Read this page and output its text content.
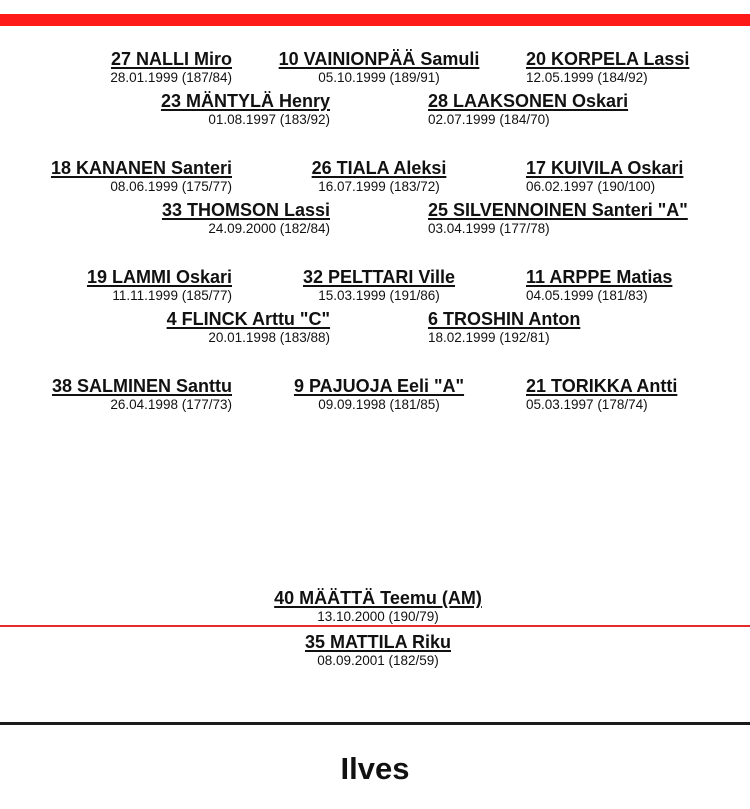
27 NALLI Miro
28.01.1999 (187/84)
10 VAINIONPÄÄ Samuli
05.10.1999 (189/91)
20 KORPELA Lassi
12.05.1999 (184/92)
23 MÄNTYLÄ Henry
01.08.1997 (183/92)
28 LAAKSONEN Oskari
02.07.1999 (184/70)
18 KANANEN Santeri
08.06.1999 (175/77)
26 TIALA Aleksi
16.07.1999 (183/72)
17 KUIVILA Oskari
06.02.1997 (190/100)
33 THOMSON Lassi
24.09.2000 (182/84)
25 SILVENNOINEN Santeri "A"
03.04.1999 (177/78)
19 LAMMI Oskari
11.11.1999 (185/77)
32 PELTTARI Ville
15.03.1999 (191/86)
11 ARPPE Matias
04.05.1999 (181/83)
4 FLINCK Arttu "C"
20.01.1998 (183/88)
6 TROSHIN Anton
18.02.1999 (192/81)
38 SALMINEN Santtu
26.04.1998 (177/73)
9 PAJUOJA Eeli "A"
09.09.1998 (181/85)
21 TORIKKA Antti
05.03.1997 (178/74)
40 MÄÄTTÄ Teemu (AM)
13.10.2000 (190/79)
35 MATTILA Riku
08.09.2001 (182/59)
Ilves
